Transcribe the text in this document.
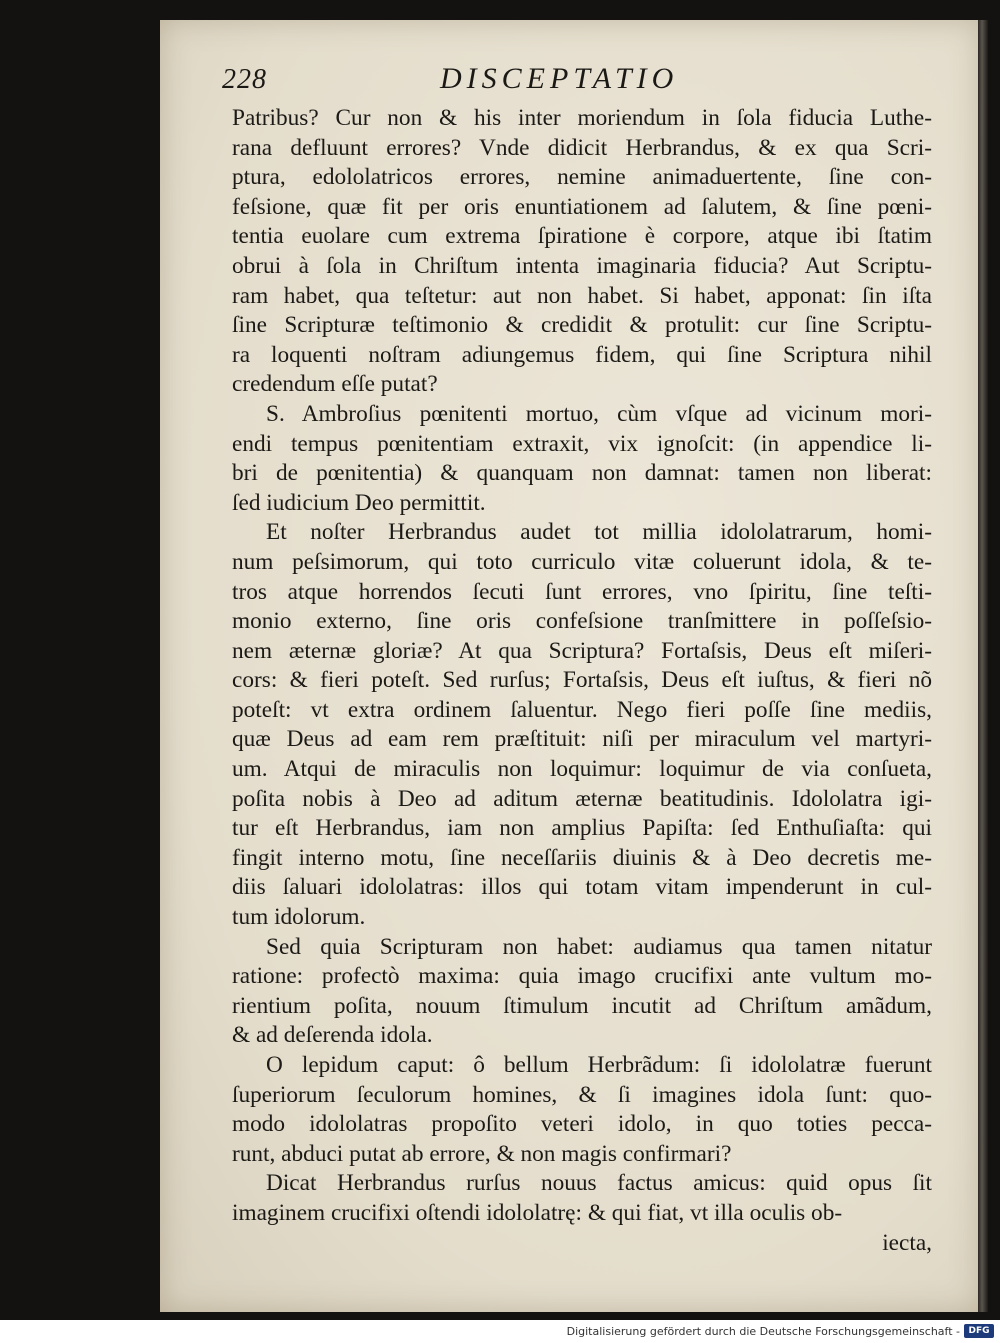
228	DISCEPTATIO

Patribus? Cur non & his inter moriendum in ſola fiducia Luthe-
rana defluunt errores? Vnde didicit Herbrandus, & ex qua Scri-
ptura, edololatricos errores, nemine animaduertente, ſine con-
feſsione, quæ fit per oris enuntiationem ad ſalutem, & ſine pœni-
tentia euolare cum extrema ſpiratione è corpore, atque ibi ſtatim
obrui à ſola in Chriſtum intenta imaginaria fiducia? Aut Scriptu-
ram habet, qua teſtetur: aut non habet. Si habet, apponat: ſin iſta
ſine Scripturæ teſtimonio & credidit & protulit: cur ſine Scriptu-
ra loquenti noſtram adiungemus fidem, qui ſine Scriptura nihil
credendum eſſe putat?

S. Ambroſius pœnitenti mortuo, cùm vſque ad vicinum mori-
endi tempus pœnitentiam extraxit, vix ignoſcit: (in appendice li-
bri de pœnitentia) & quanquam non damnat: tamen non liberat:
ſed iudicium Deo permittit.

Et noſter Herbrandus audet tot millia idololatrarum, homi-
num peſsimorum, qui toto curriculo vitæ coluerunt idola, & te-
tros atque horrendos ſecuti ſunt errores, vno ſpiritu, ſine teſti-
monio externo, ſine oris confeſsione tranſmittere in poſſeſsio-
nem æternæ gloriæ? At qua Scriptura? Fortaſsis, Deus eſt miſeri-
cors: & fieri poteſt. Sed rurſus; Fortaſsis, Deus eſt iuſtus, & fieri nõ
poteſt: vt extra ordinem ſaluentur. Nego fieri poſſe ſine mediis,
quæ Deus ad eam rem præſtituit: niſi per miraculum vel martyri-
um. Atqui de miraculis non loquimur: loquimur de via conſueta,
poſita nobis à Deo ad aditum æternæ beatitudinis. Idololatra igi-
tur eſt Herbrandus, iam non amplius Papiſta: ſed Enthuſiaſta: qui
fingit interno motu, ſine neceſſariis diuinis & à Deo decretis me-
diis ſaluari idololatras: illos qui totam vitam impenderunt in cul-
tum idolorum.

Sed quia Scripturam non habet: audiamus qua tamen nitatur
ratione: profectò maxima: quia imago crucifixi ante vultum mo-
rientium poſita, nouum ſtimulum incutit ad Chriſtum amãdum,
& ad deſerenda idola.

O lepidum caput: ô bellum Herbrãdum: ſi idololatræ fuerunt
ſuperiorum ſeculorum homines, & ſi imagines idola ſunt: quo-
modo idololatras propoſito veteri idolo, in quo toties pecca-
runt, abduci putat ab errore, & non magis confirmari?

Dicat Herbrandus rurſus nouus factus amicus: quid opus ſit
imaginem crucifixi oſtendi idololatrę: & qui fiat, vt illa oculis ob-

iecta,
Digitalisierung gefördert durch die Deutsche Forschungsgemeinschaft - DFG
